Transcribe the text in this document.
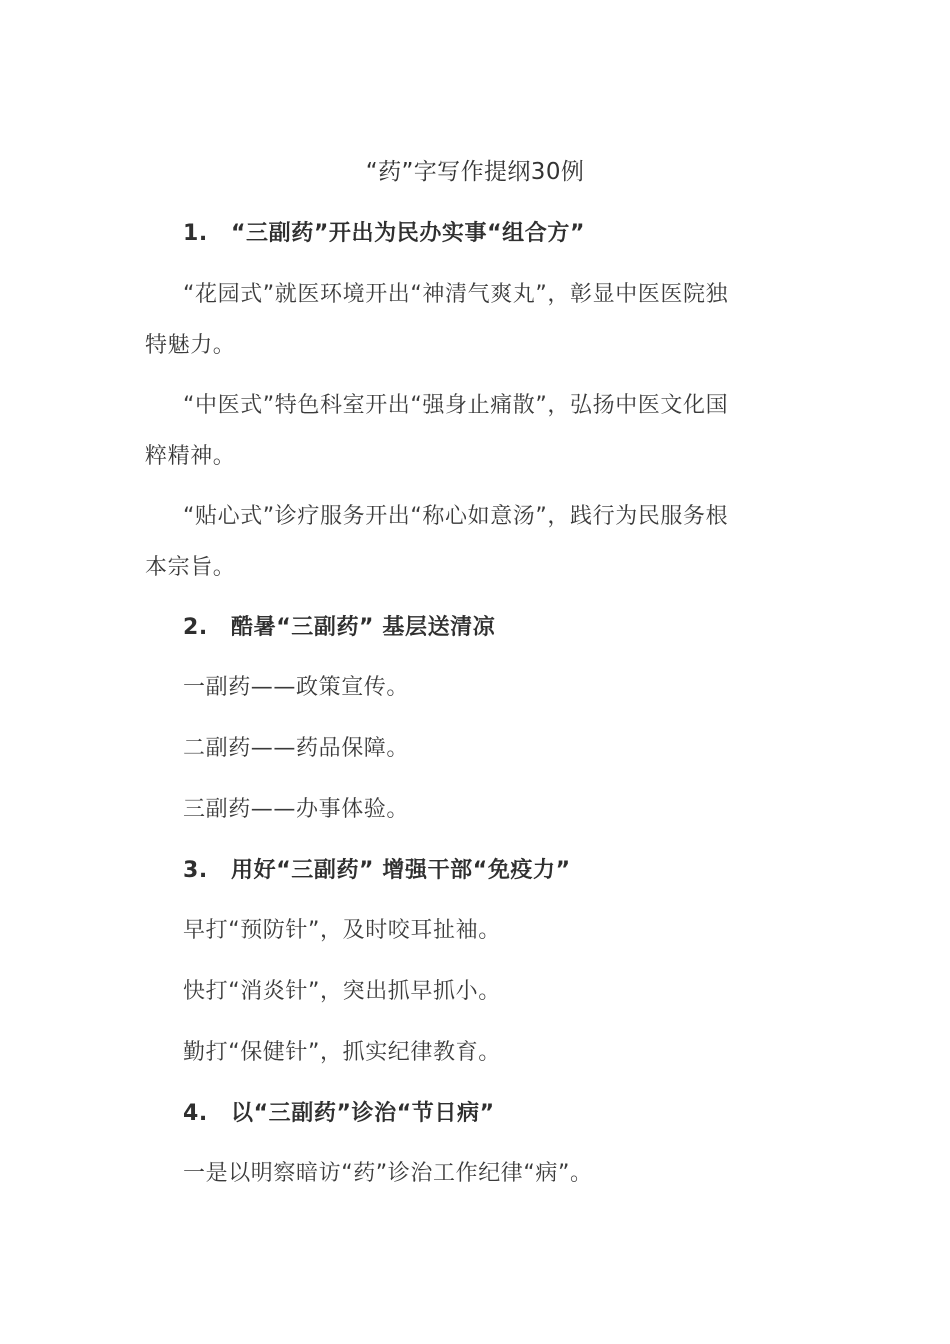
“药”字写作提纲30例
1. “三副药”开出为民办实事“组合方”
“花园式”就医环境开出“神清气爽丸”，彰显中医医院独
特魅力。
“中医式”特色科室开出“强身止痛散”，弘扬中医文化国
粹精神。
“贴心式”诊疗服务开出“称心如意汤”，践行为民服务根
本宗旨。
2. 酷暑“三副药” 基层送清凉
一副药——政策宣传。
二副药——药品保障。
三副药——办事体验。
3. 用好“三副药” 增强干部“免疫力”
早打“预防针”，及时咬耳扯袖。
快打“消炎针”，突出抓早抓小。
勤打“保健针”，抓实纪律教育。
4. 以“三副药”诊治“节日病”
一是以明察暗访“药”诊治工作纪律“病”。
